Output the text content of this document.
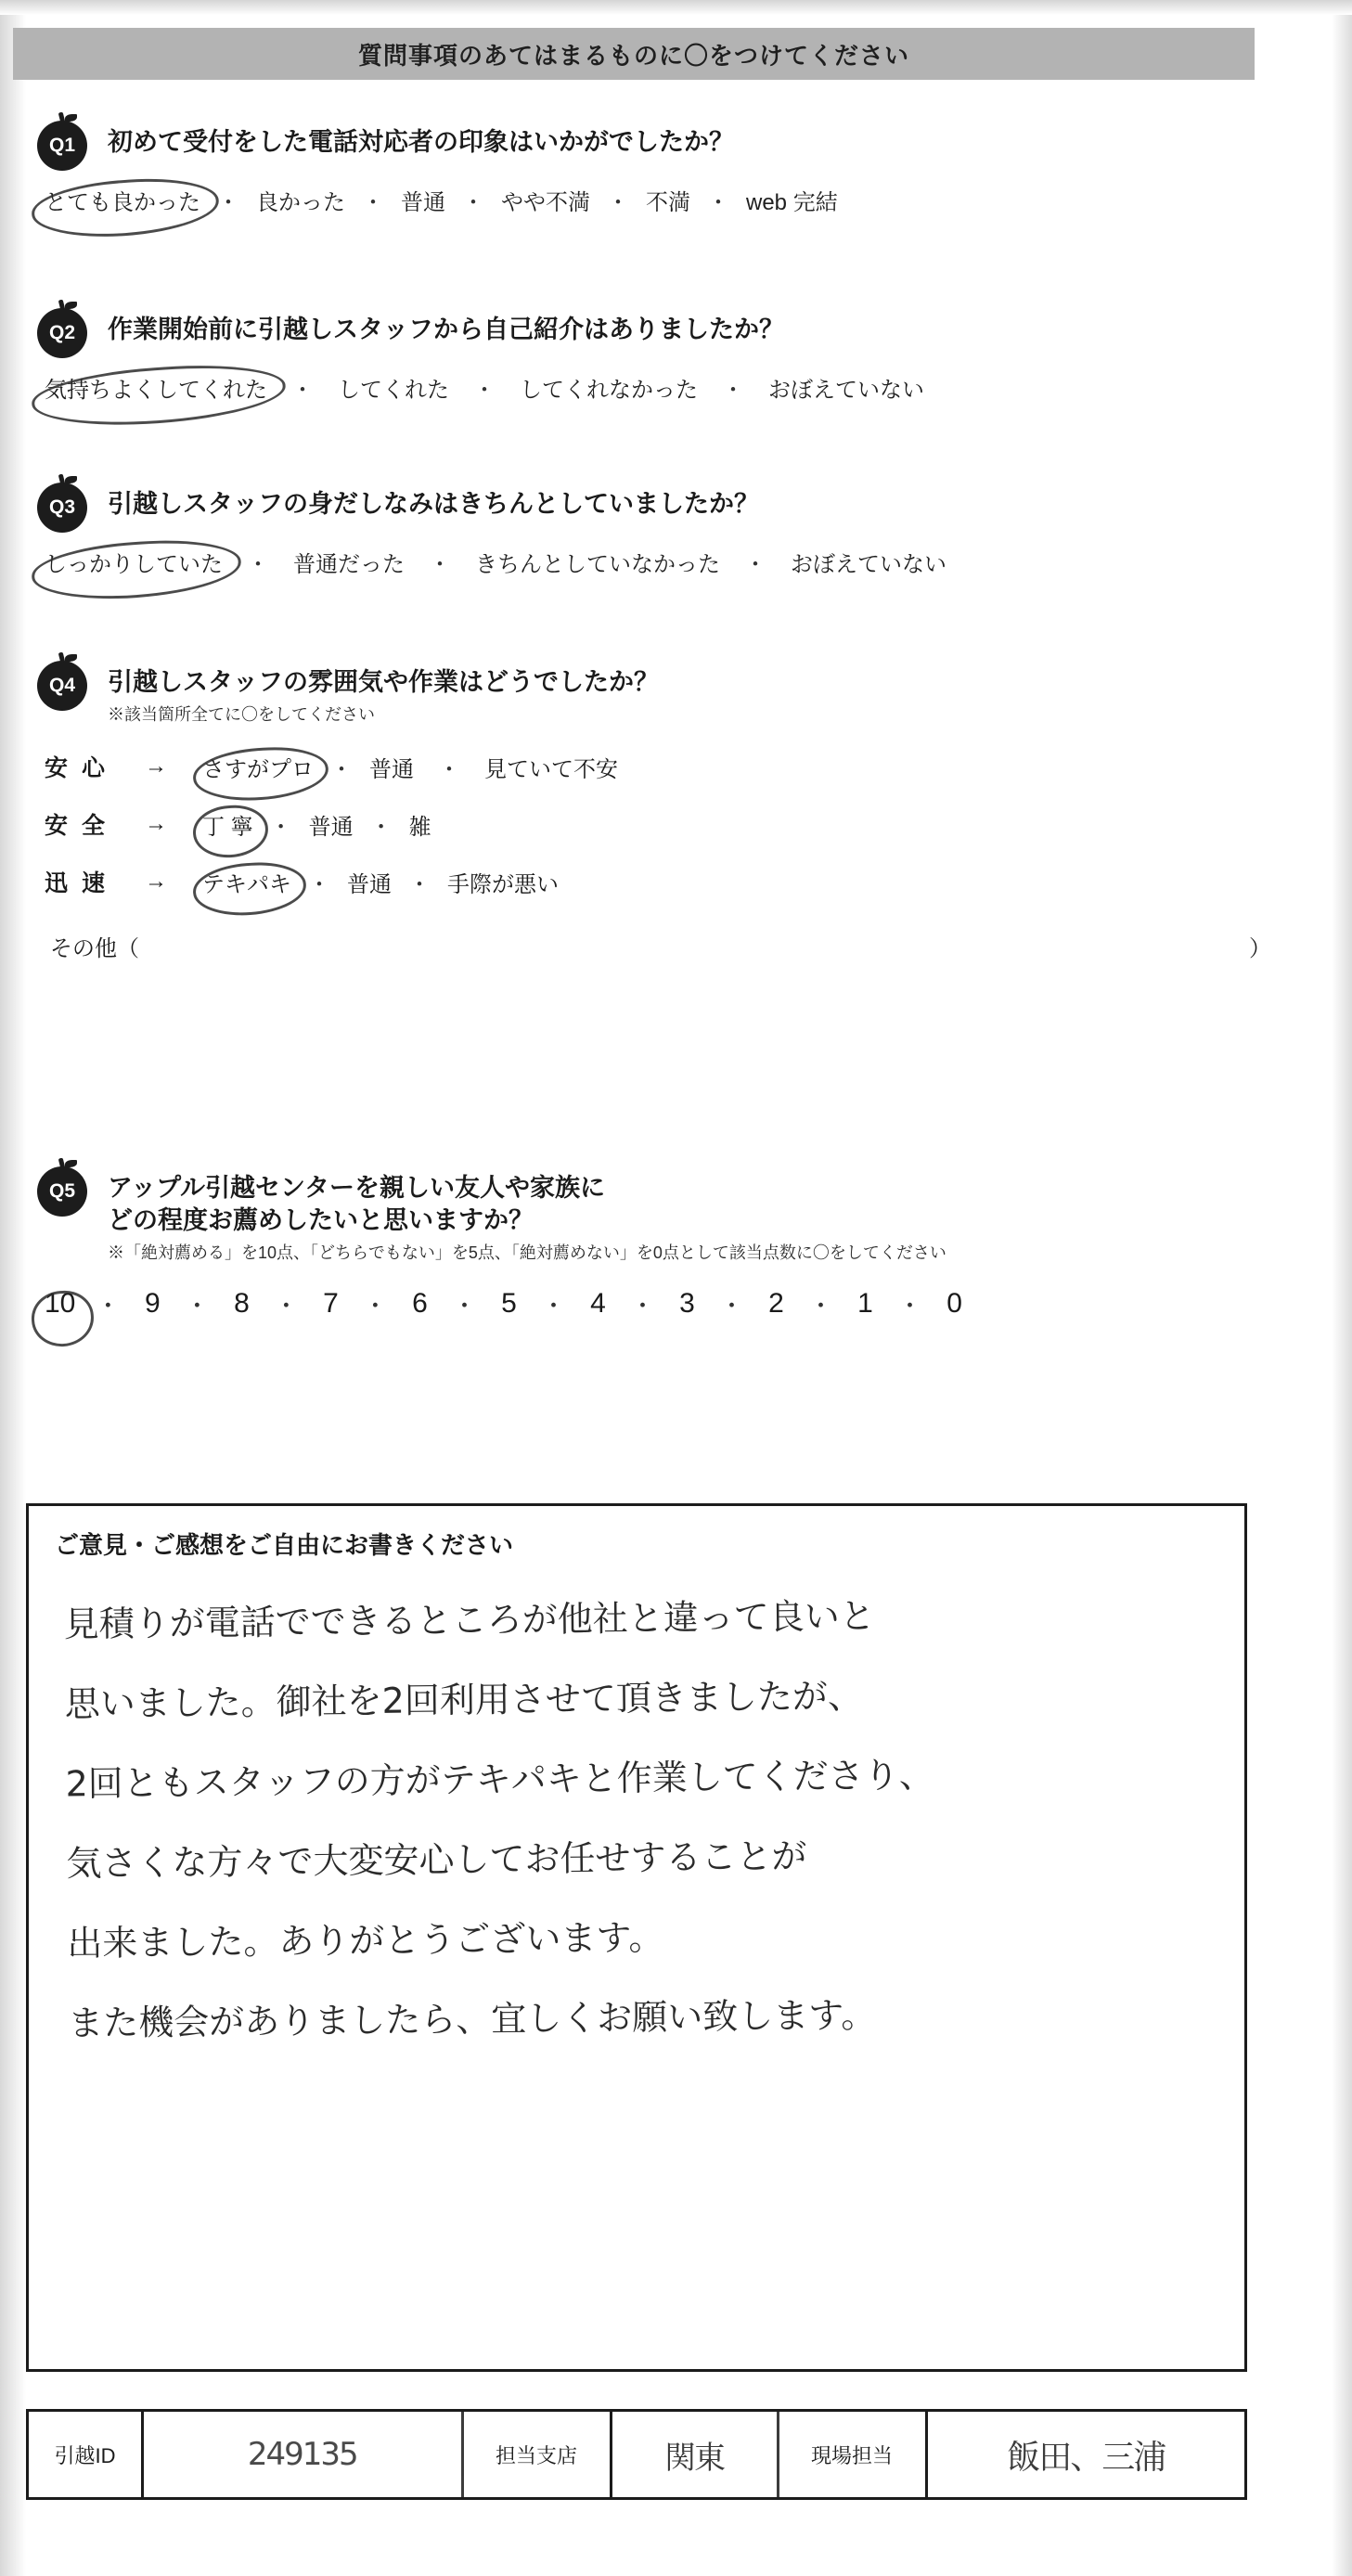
質問事項のあてはまるものに〇をつけてください
Q1	初めて受付をした電話対応者の印象はいかがでしたか？
とても良かった ・ 良かった ・ 普通 ・ やや不満 ・ 不満 ・ web 完結
Q2	作業開始前に引越しスタッフから自己紹介はありましたか？
気持ちよくしてくれた ・ してくれた ・ してくれなかった ・ おぼえていない
Q3	引越しスタッフの身だしなみはきちんとしていましたか？
しっかりしていた ・ 普通だった ・ きちんとしていなかった ・ おぼえていない
Q4	引越しスタッフの雰囲気や作業はどうでしたか？
※該当箇所全てに〇をしてください
安 心	→	さすがプロ ・ 普通 ・ 見ていて不安
安 全	→	丁 寧 ・ 普通 ・ 雑
迅 速	→	テキパキ ・ 普通 ・ 手際が悪い
その他（	）
Q5	アップル引越センターを親しい友人や家族に
どの程度お薦めしたいと思いますか？
※「絶対薦める」を10点、「どちらでもない」を5点、「絶対薦めない」を0点として該当点数に〇をしてください
10 ・ 9 ・ 8 ・ 7 ・ 6 ・ 5 ・ 4 ・ 3 ・ 2 ・ 1 ・ 0
ご意見・ご感想をご自由にお書きください
見積りが電話でできるところが他社と違って良いと
思いました。御社を2回利用させて頂きましたが、
2回ともスタッフの方がテキパキと作業してくださり、
気さくな方々で大変安心してお任せすることが
出来ました。ありがとうございます。
また機会がありましたら、宜しくお願い致します。
引越ID	249135	担当支店	関東	現場担当	飯田、三浦
